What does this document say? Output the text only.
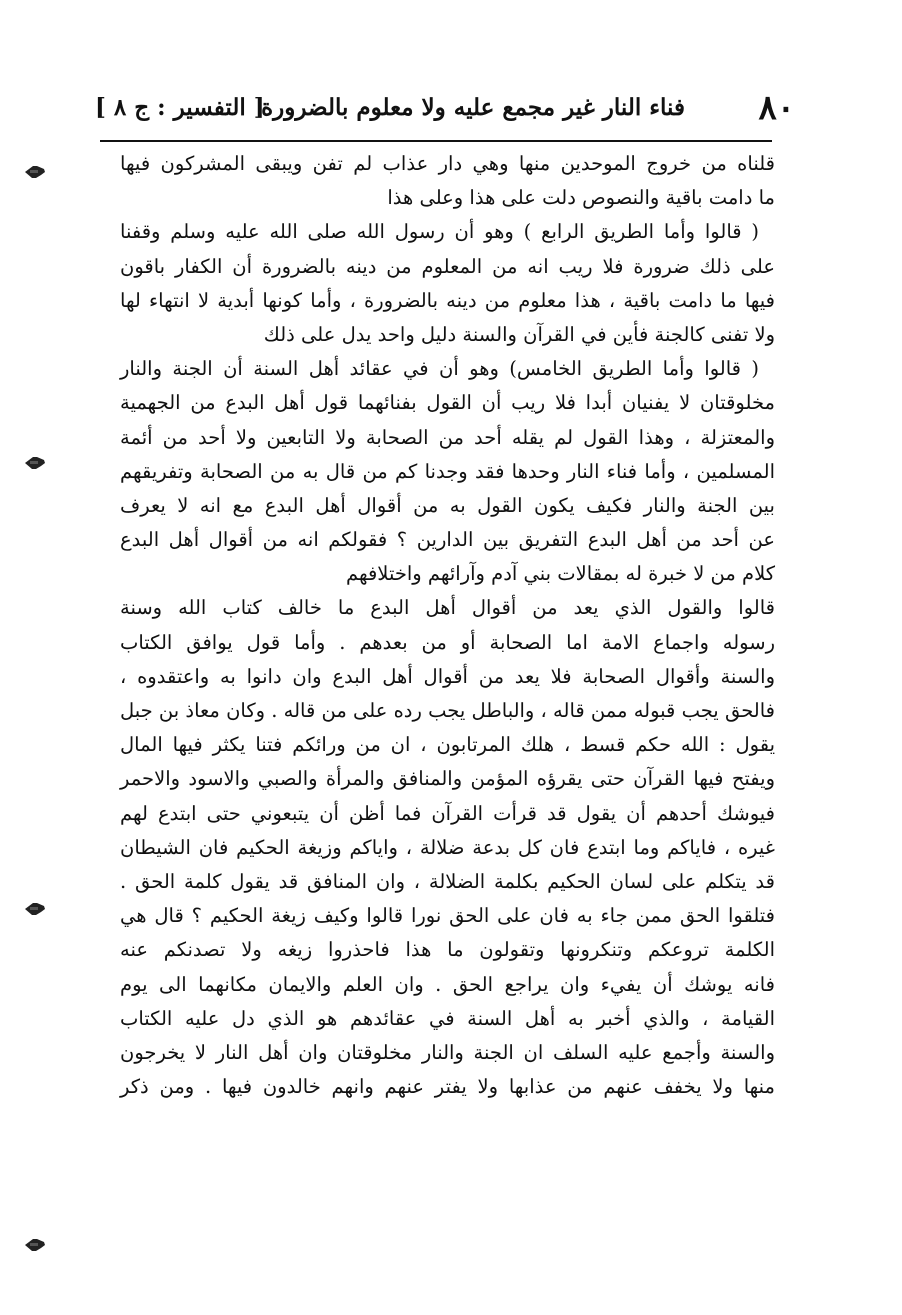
٨٠
فناء النار غير مجمع عليه ولا معلوم بالضرورة
[ التفسير : ج ٨ ]
قلناه من خروج الموحدين منها وهي دار عذاب لم تفن ويبقى المشركون فيها
ما دامت باقية والنصوص دلت على هذا وعلى هذا
( قالوا وأما الطريق الرابع ) وهو أن رسول الله صلى الله عليه وسلم وقفنا
على ذلك ضرورة فلا ريب انه من المعلوم من دينه بالضرورة أن الكفار باقون
فيها ما دامت باقية ، هذا معلوم من دينه بالضرورة ، وأما كونها أبدية لا انتهاء لها
ولا تفنى كالجنة فأين في القرآن والسنة دليل واحد يدل على ذلك
( قالوا وأما الطريق الخامس) وهو أن في عقائد أهل السنة أن الجنة والنار
مخلوقتان لا يفنيان أبدا فلا ريب أن القول بفنائهما قول أهل البدع من الجهمية
والمعتزلة ، وهذا القول لم يقله أحد من الصحابة ولا التابعين ولا أحد من أئمة
المسلمين ، وأما فناء النار وحدها فقد وجدنا كم من قال به من الصحابة وتفريقهم
بين الجنة والنار فكيف يكون القول به من أقوال أهل البدع مع انه لا يعرف
عن أحد من أهل البدع التفريق بين الدارين ؟ فقولكم انه من أقوال أهل البدع
كلام من لا خبرة له بمقالات بني آدم وآرائهم واختلافهم
قالوا والقول الذي يعد من أقوال أهل البدع ما خالف كتاب الله وسنة
رسوله واجماع الامة اما الصحابة أو من بعدهم . وأما قول يوافق الكتاب
والسنة وأقوال الصحابة فلا يعد من أقوال أهل البدع وان دانوا به واعتقدوه ،
فالحق يجب قبوله ممن قاله ، والباطل يجب رده على من قاله . وكان معاذ بن جبل
يقول : الله حكم قسط ، هلك المرتابون ، ان من ورائكم فتنا يكثر فيها المال
ويفتح فيها القرآن حتى يقرؤه المؤمن والمنافق والمرأة والصبي والاسود والاحمر
فيوشك أحدهم أن يقول قد قرأت القرآن فما أظن أن يتبعوني حتى ابتدع لهم
غيره ، فاياكم وما ابتدع فان كل بدعة ضلالة ، واياكم وزيغة الحكيم فان الشيطان
قد يتكلم على لسان الحكيم بكلمة الضلالة ، وان المنافق قد يقول كلمة الحق .
فتلقوا الحق ممن جاء به فان على الحق نورا قالوا وكيف زيغة الحكيم ؟ قال هي
الكلمة تروعكم وتنكرونها وتقولون ما هذا فاحذروا زيغه ولا تصدنكم عنه
فانه يوشك أن يفيء وان يراجع الحق . وان العلم والايمان مكانهما الى يوم
القيامة ، والذي أخبر به أهل السنة في عقائدهم هو الذي دل عليه الكتاب
والسنة وأجمع عليه السلف ان الجنة والنار مخلوقتان وان أهل النار لا يخرجون
منها ولا يخفف عنهم من عذابها ولا يفتر عنهم وانهم خالدون فيها . ومن ذكر
